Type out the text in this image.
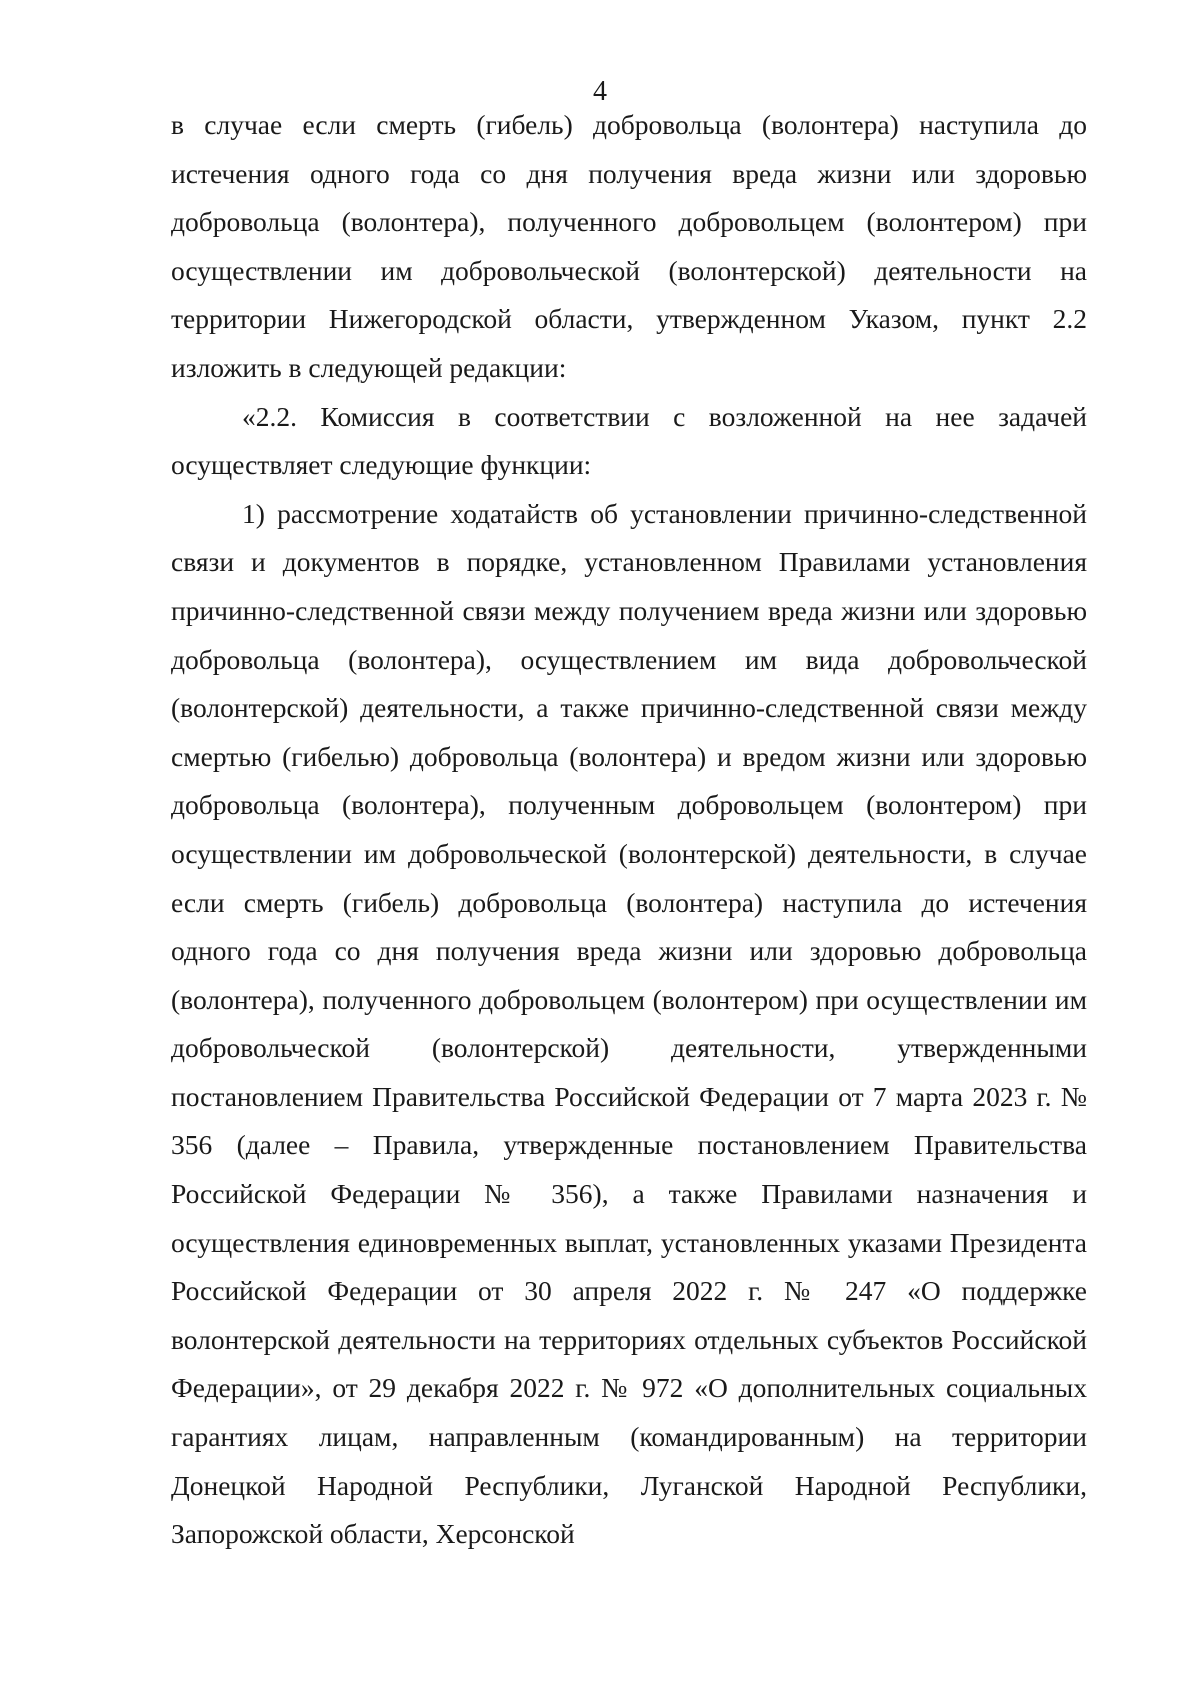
4

в случае если смерть (гибель) добровольца (волонтера) наступила до истечения одного года со дня получения вреда жизни или здоровью добровольца (волонтера), полученного добровольцем (волонтером) при осуществлении им добровольческой (волонтерской) деятельности на территории Нижегородской области, утвержденном Указом, пункт 2.2 изложить в следующей редакции:

«2.2. Комиссия в соответствии с возложенной на нее задачей осуществляет следующие функции:

1) рассмотрение ходатайств об установлении причинно-следственной связи и документов в порядке, установленном Правилами установления причинно-следственной связи между получением вреда жизни или здоровью добровольца (волонтера), осуществлением им вида добровольческой (волонтерской) деятельности, а также причинно-следственной связи между смертью (гибелью) добровольца (волонтера) и вредом жизни или здоровью добровольца (волонтера), полученным добровольцем (волонтером) при осуществлении им добровольческой (волонтерской) деятельности, в случае если смерть (гибель) добровольца (волонтера) наступила до истечения одного года со дня получения вреда жизни или здоровью добровольца (волонтера), полученного добровольцем (волонтером) при осуществлении им добровольческой (волонтерской) деятельности, утвержденными постановлением Правительства Российской Федерации от 7 марта 2023 г. № 356 (далее – Правила, утвержденные постановлением Правительства Российской Федерации № 356), а также Правилами назначения и осуществления единовременных выплат, установленных указами Президента Российской Федерации от 30 апреля 2022 г. № 247 «О поддержке волонтерской деятельности на территориях отдельных субъектов Российской Федерации», от 29 декабря 2022 г. № 972 «О дополнительных социальных гарантиях лицам, направленным (командированным) на территории Донецкой Народной Республики, Луганской Народной Республики, Запорожской области, Херсонской
